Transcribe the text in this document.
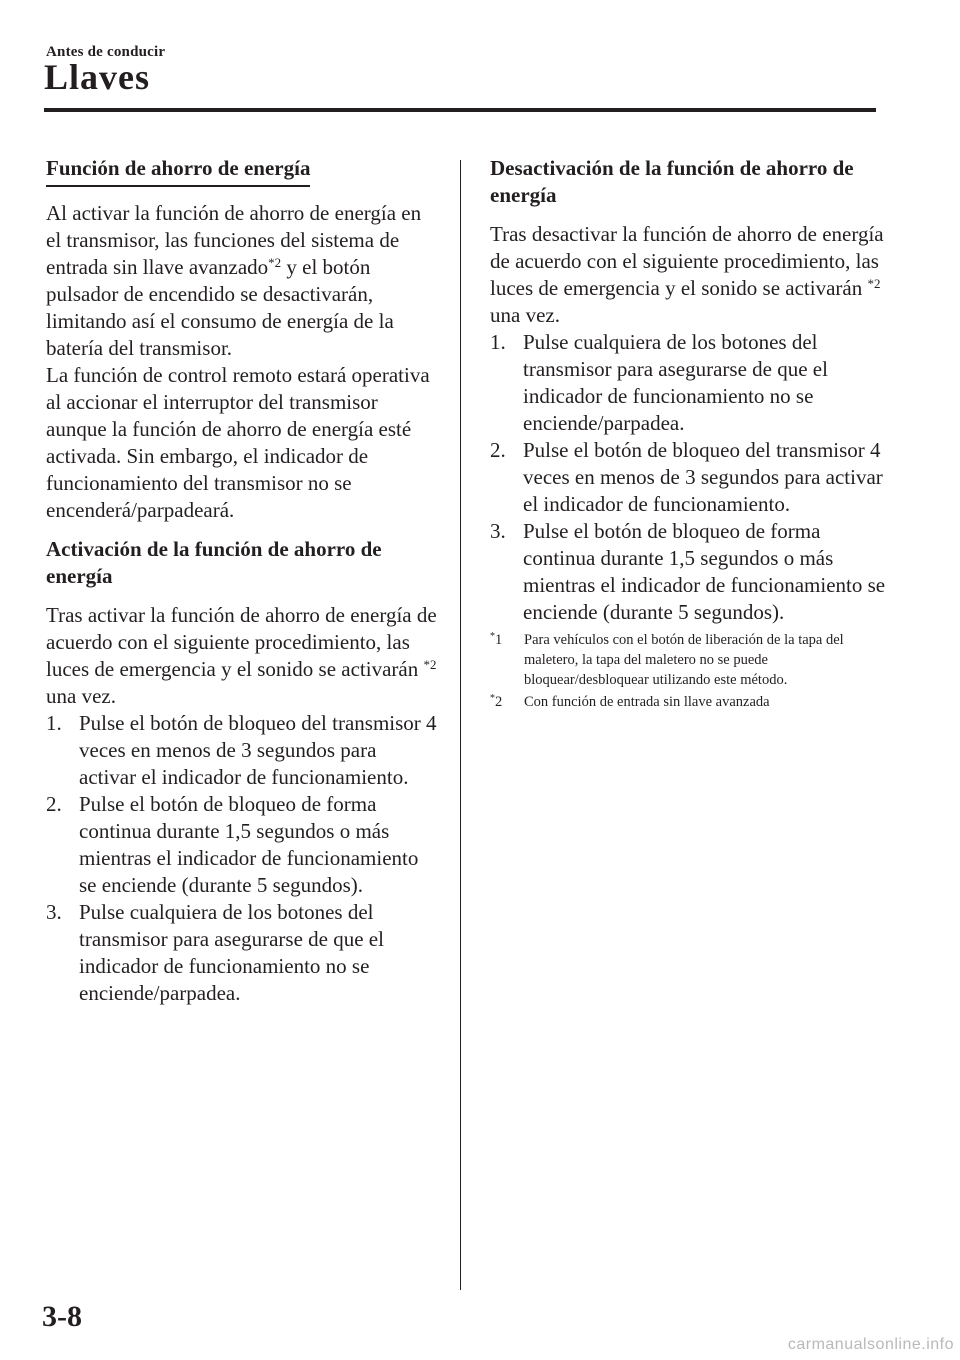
Antes de conducir
Llaves
Función de ahorro de energía

Al activar la función de ahorro de energía en el transmisor, las funciones del sistema de entrada sin llave avanzado$^{*2}$ y el botón pulsador de encendido se desactivarán, limitando así el consumo de energía de la batería del transmisor.

La función de control remoto estará operativa al accionar el interruptor del transmisor aunque la función de ahorro de energía esté activada. Sin embargo, el indicador de funcionamiento del transmisor no se encenderá/parpadeará.

Activación de la función de ahorro de energía

Tras activar la función de ahorro de energía de acuerdo con el siguiente procedimiento, las luces de emergencia y el sonido se activarán $^{*2}$ una vez.

1. Pulse el botón de bloqueo del transmisor 4 veces en menos de 3 segundos para activar el indicador de funcionamiento.
2. Pulse el botón de bloqueo de forma continua durante 1,5 segundos o más mientras el indicador de funcionamiento se enciende (durante 5 segundos).
3. Pulse cualquiera de los botones del transmisor para asegurarse de que el indicador de funcionamiento no se enciende/parpadea.
Desactivación de la función de ahorro de energía

Tras desactivar la función de ahorro de energía de acuerdo con el siguiente procedimiento, las luces de emergencia y el sonido se activarán $^{*2}$ una vez.

1. Pulse cualquiera de los botones del transmisor para asegurarse de que el indicador de funcionamiento no se enciende/parpadea.
2. Pulse el botón de bloqueo del transmisor 4 veces en menos de 3 segundos para activar el indicador de funcionamiento.
3. Pulse el botón de bloqueo de forma continua durante 1,5 segundos o más mientras el indicador de funcionamiento se enciende (durante 5 segundos).
*1 Para vehículos con el botón de liberación de la tapa del maletero, la tapa del maletero no se puede bloquear/desbloquear utilizando este método.
*2 Con función de entrada sin llave avanzada
3-8
carmanualsonline.info
